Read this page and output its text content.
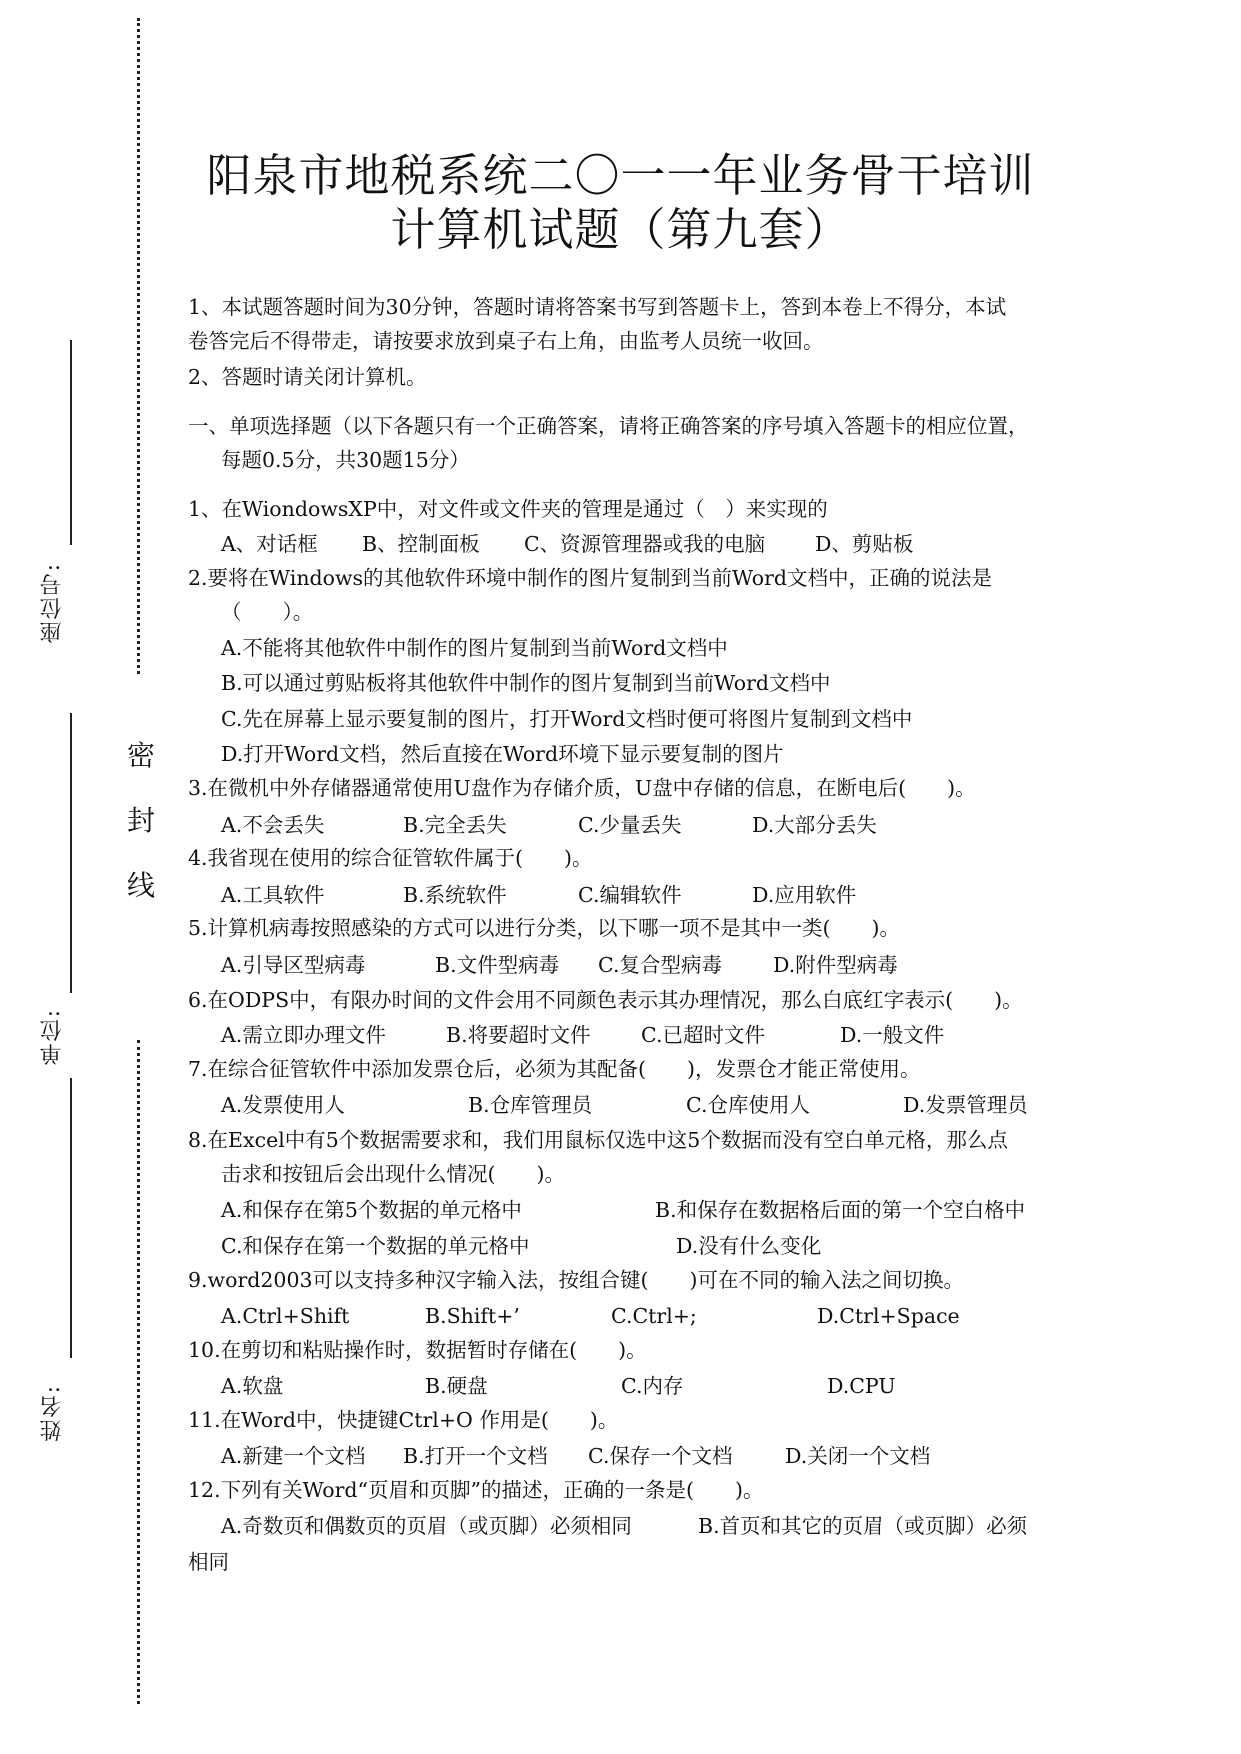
座位号:
单位:
姓名:
密
封
线
阳泉市地税系统二〇一一年业务骨干培训
计算机试题（第九套）
1、本试题答题时间为30分钟，答题时请将答案书写到答题卡上，答到本卷上不得分，本试
卷答完后不得带走，请按要求放到桌子右上角，由监考人员统一收回。
2、答题时请关闭计算机。
一、单项选择题（以下各题只有一个正确答案，请将正确答案的序号填入答题卡的相应位置，
每题0.5分，共30题15分）
1、在WiondowsXP中，对文件或文件夹的管理是通过（　）来实现的
A、对话框 B、控制面板 C、资源管理器或我的电脑 D、剪贴板
2.要将在Windows的其他软件环境中制作的图片复制到当前Word文档中，正确的说法是
（　　）。
A.不能将其他软件中制作的图片复制到当前Word文档中
B.可以通过剪贴板将其他软件中制作的图片复制到当前Word文档中
C.先在屏幕上显示要复制的图片，打开Word文档时便可将图片复制到文档中
D.打开Word文档，然后直接在Word环境下显示要复制的图片
3.在微机中外存储器通常使用U盘作为存储介质，U盘中存储的信息，在断电后(　　)。
A.不会丢失	B.完全丢失	C.少量丢失	D.大部分丢失
4.我省现在使用的综合征管软件属于(　　)。
A.工具软件	B.系统软件	C.编辑软件	D.应用软件
5.计算机病毒按照感染的方式可以进行分类，以下哪一项不是其中一类(　　)。
A.引导区型病毒	B.文件型病毒 C.复合型病毒 D.附件型病毒
6.在ODPS中，有限办时间的文件会用不同颜色表示其办理情况，那么白底红字表示(　　)。
A.需立即办理文件	B.将要超时文件 C.已超时文件	D.一般文件
7.在综合征管软件中添加发票仓后，必须为其配备(　　)，发票仓才能正常使用。
A.发票使用人	B.仓库管理员	C.仓库使用人	D.发票管理员
8.在Excel中有5个数据需要求和，我们用鼠标仅选中这5个数据而没有空白单元格，那么点
击求和按钮后会出现什么情况(　　)。
A.和保存在第5个数据的单元格中	B.和保存在数据格后面的第一个空白格中
C.和保存在第一个数据的单元格中	D.没有什么变化
9.word2003可以支持多种汉字输入法，按组合键(　　)可在不同的输入法之间切换。
A.Ctrl+Shift	B.Shift+’	C.Ctrl+;	D.Ctrl+Space
10.在剪切和粘贴操作时，数据暂时存储在(　　)。
A.软盘	B.硬盘	C.内存	D.CPU
11.在Word中，快捷键Ctrl+O 作用是(　　)。
A.新建一个文档 B.打开一个文档 C.保存一个文档	D.关闭一个文档
12.下列有关Word“页眉和页脚”的描述，正确的一条是(　　)。
A.奇数页和偶数页的页眉（或页脚）必须相同	B.首页和其它的页眉（或页脚）必须
相同
